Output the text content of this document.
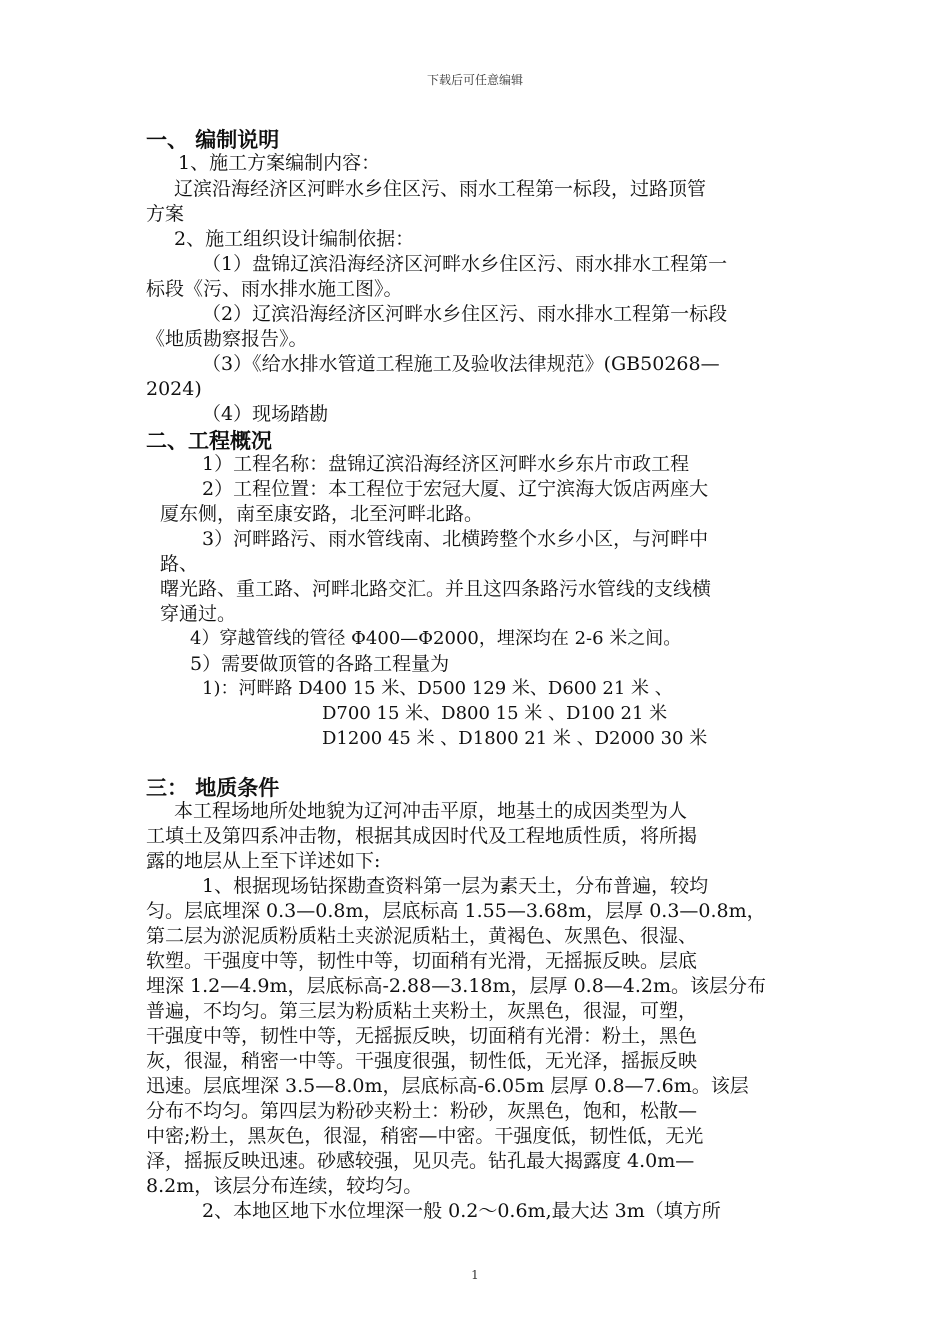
下载后可任意编辑
一、 编制说明
1、施工方案编制内容：
辽滨沿海经济区河畔水乡住区污、雨水工程第一标段，过路顶管
方案
2、施工组织设计编制依据：
（1）盘锦辽滨沿海经济区河畔水乡住区污、雨水排水工程第一
标段《污、雨水排水施工图》。
（2）辽滨沿海经济区河畔水乡住区污、雨水排水工程第一标段
《地质勘察报告》。
（3）《给水排水管道工程施工及验收法律规范》(GB50268—
2024)
（4）现场踏勘
二、工程概况
1）工程名称：盘锦辽滨沿海经济区河畔水乡东片市政工程
2）工程位置：本工程位于宏冠大厦、辽宁滨海大饭店两座大
厦东侧，南至康安路，北至河畔北路。
3）河畔路污、雨水管线南、北横跨整个水乡小区，与河畔中
路、
曙光路、重工路、河畔北路交汇。并且这四条路污水管线的支线横
穿通过。
4）穿越管线的管径 Φ400—Φ2000，埋深均在 2-6 米之间。
5）需要做顶管的各路工程量为
1)：河畔路 D400 15 米、D500 129 米、D600 21 米 、
D700 15 米、D800 15 米 、D100 21 米
D1200 45 米 、D1800 21 米 、D2000 30 米
三： 地质条件
本工程场地所处地貌为辽河冲击平原，地基土的成因类型为人
工填土及第四系冲击物，根据其成因时代及工程地质性质，将所揭
露的地层从上至下详述如下:
1、根据现场钻探勘查资料第一层为素天土，分布普遍，较均
匀。层底埋深 0.3—0.8m，层底标高 1.55—3.68m，层厚 0.3—0.8m，
第二层为淤泥质粉质粘土夹淤泥质粘土，黄褐色、灰黑色、很湿、
软塑。干强度中等，韧性中等，切面稍有光滑，无摇振反映。层底
埋深 1.2—4.9m，层底标高-2.88—3.18m，层厚 0.8—4.2m。该层分布
普遍，不均匀。第三层为粉质粘土夹粉土，灰黑色，很湿，可塑，
干强度中等，韧性中等，无摇振反映，切面稍有光滑：粉土，黑色
灰，很湿，稍密一中等。干强度很强，韧性低，无光泽，摇振反映
迅速。层底埋深 3.5—8.0m，层底标高-6.05m 层厚 0.8—7.6m。该层
分布不均匀。第四层为粉砂夹粉土：粉砂，灰黑色，饱和，松散—
中密;粉土，黑灰色，很湿，稍密—中密。干强度低，韧性低，无光
泽，摇振反映迅速。砂感较强，见贝壳。钻孔最大揭露度 4.0m—
8.2m，该层分布连续，较均匀。
2、本地区地下水位埋深一般 0.2～0.6m,最大达 3m（填方所
1
